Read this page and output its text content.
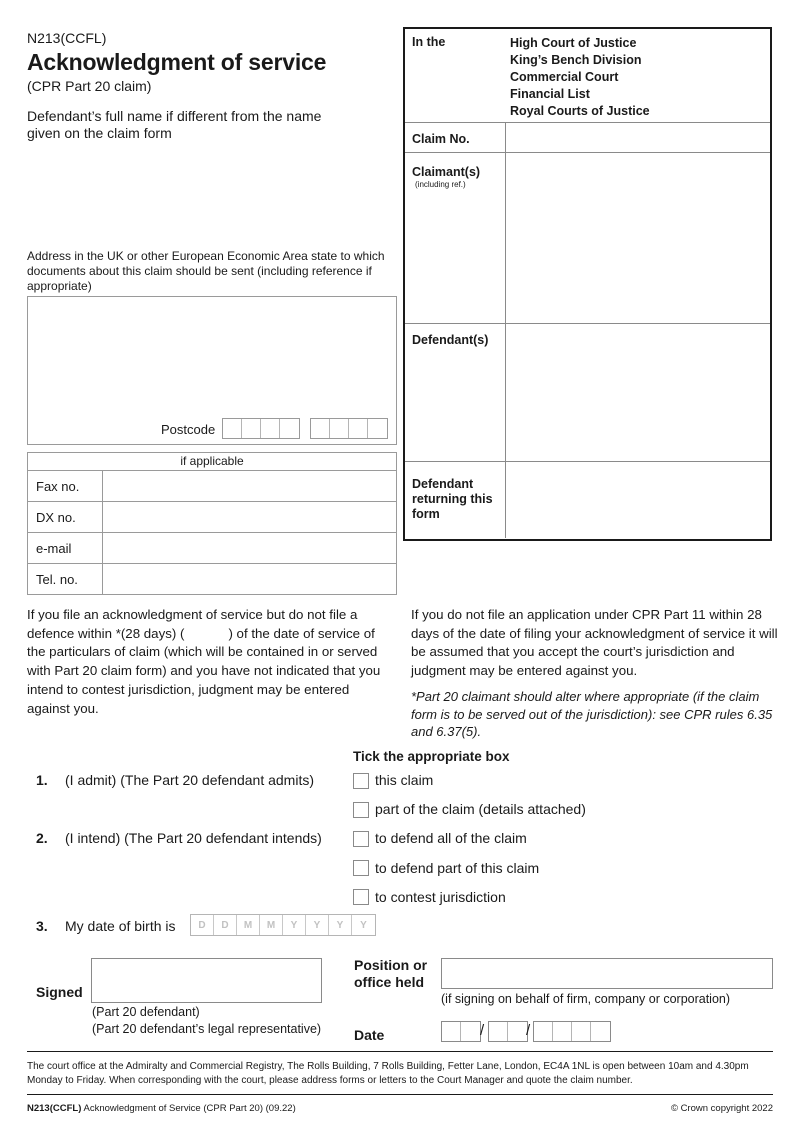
N213(CCFL)
Acknowledgment of service
(CPR Part 20 claim)
Defendant’s full name if different from the name given on the claim form
Address in the UK or other European Economic Area state to which documents about this claim should be sent (including reference if appropriate)
Postcode
if applicable
Fax no.
DX no.
e-mail
Tel. no.
In the	High Court of Justice
King’s Bench Division
Commercial Court
Financial List
Royal Courts of Justice
Claim No.
Claimant(s)
(including ref.)
Defendant(s)
Defendant returning this form
If you file an acknowledgment of service but do not file a defence within *(28 days) (	) of the date of service of the particulars of claim (which will be contained in or served with Part 20 claim form) and you have not indicated that you intend to contest jurisdiction, judgment may be entered against you.
If you do not file an application under CPR Part 11 within 28 days of the date of filing your acknowledgment of service it will be assumed that you accept the court’s jurisdiction and judgment may be entered against you.
*Part 20 claimant should alter where appropriate (if the claim form is to be served out of the jurisdiction): see CPR rules 6.35 and 6.37(5).
Tick the appropriate box
1. (I admit) (The Part 20 defendant admits)	this claim
part of the claim (details attached)
2. (I intend) (The Part 20 defendant intends)	to defend all of the claim
to defend part of this claim
to contest jurisdiction
3. My date of birth is	D	D	M	M	Y	Y	Y	Y
Signed
(Part 20 defendant)
(Part 20 defendant’s legal representative)
Position or office held
(if signing on behalf of firm, company or corporation)
Date	/	/
The court office at the Admiralty and Commercial Registry, The Rolls Building, 7 Rolls Building, Fetter Lane, London, EC4A 1NL is open between 10am and 4.30pm Monday to Friday. When corresponding with the court, please address forms or letters to the Court Manager and quote the claim number.
N213(CCFL) Acknowledgment of Service (CPR Part 20) (09.22)	© Crown copyright 2022
